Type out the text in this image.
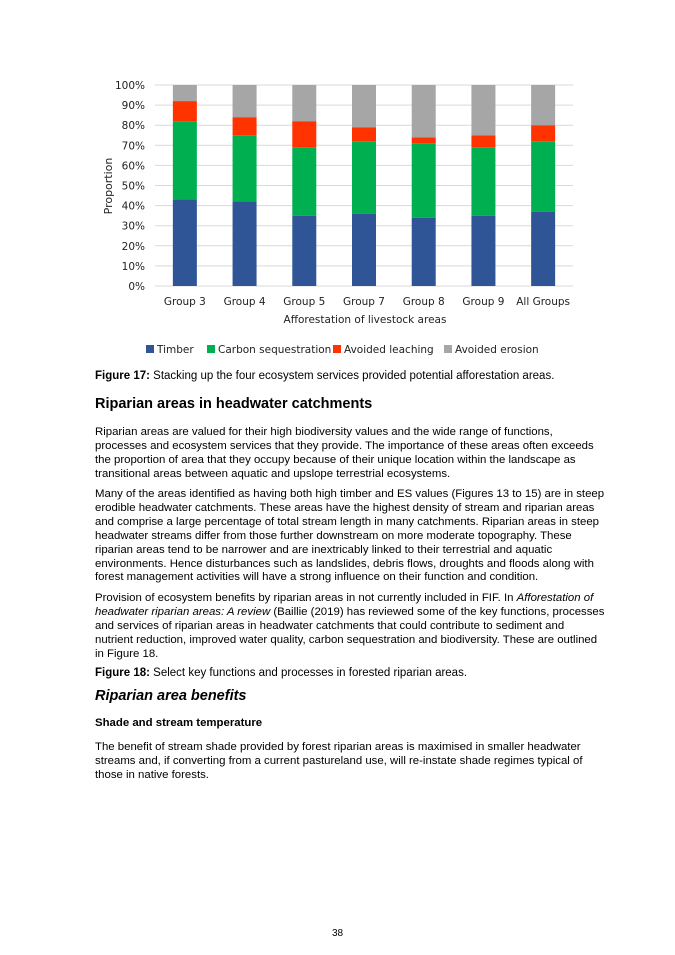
0%
10%
20%
30%
40%
50%
60%
70%
80%
90%
100%
Group 3 Group 4 Group 5 Group 7 Group 8 Group 9 All Groups
Proportion
Afforestation of livestock areas
Timber Carbon sequestration Avoided leaching Avoided erosion

Figure 17: Stacking up the four ecosystem services provided potential afforestation areas.

Riparian areas in headwater catchments

Riparian areas are valued for their high biodiversity values and the wide range of functions, processes and ecosystem services that they provide. The importance of these areas often exceeds the proportion of area that they occupy because of their unique location within the landscape as transitional areas between aquatic and upslope terrestrial ecosystems.

Many of the areas identified as having both high timber and ES values (Figures 13 to 15) are in steep erodible headwater catchments. These areas have the highest density of stream and riparian areas and comprise a large percentage of total stream length in many catchments. Riparian areas in steep headwater streams differ from those further downstream on more moderate topography. These riparian areas tend to be narrower and are inextricably linked to their terrestrial and aquatic environments. Hence disturbances such as landslides, debris flows, droughts and floods along with forest management activities will have a strong influence on their function and condition.

Provision of ecosystem benefits by riparian areas in not currently included in FIF. In Afforestation of headwater riparian areas: A review (Baillie (2019) has reviewed some of the key functions, processes and services of riparian areas in headwater catchments that could contribute to sediment and nutrient reduction, improved water quality, carbon sequestration and biodiversity. These are outlined in Figure 18.

Figure 18: Select key functions and processes in forested riparian areas.

Riparian area benefits
Shade and stream temperature

The benefit of stream shade provided by forest riparian areas is maximised in smaller headwater streams and, if converting from a current pastureland use, will re-instate shade regimes typical of those in native forests.

38
